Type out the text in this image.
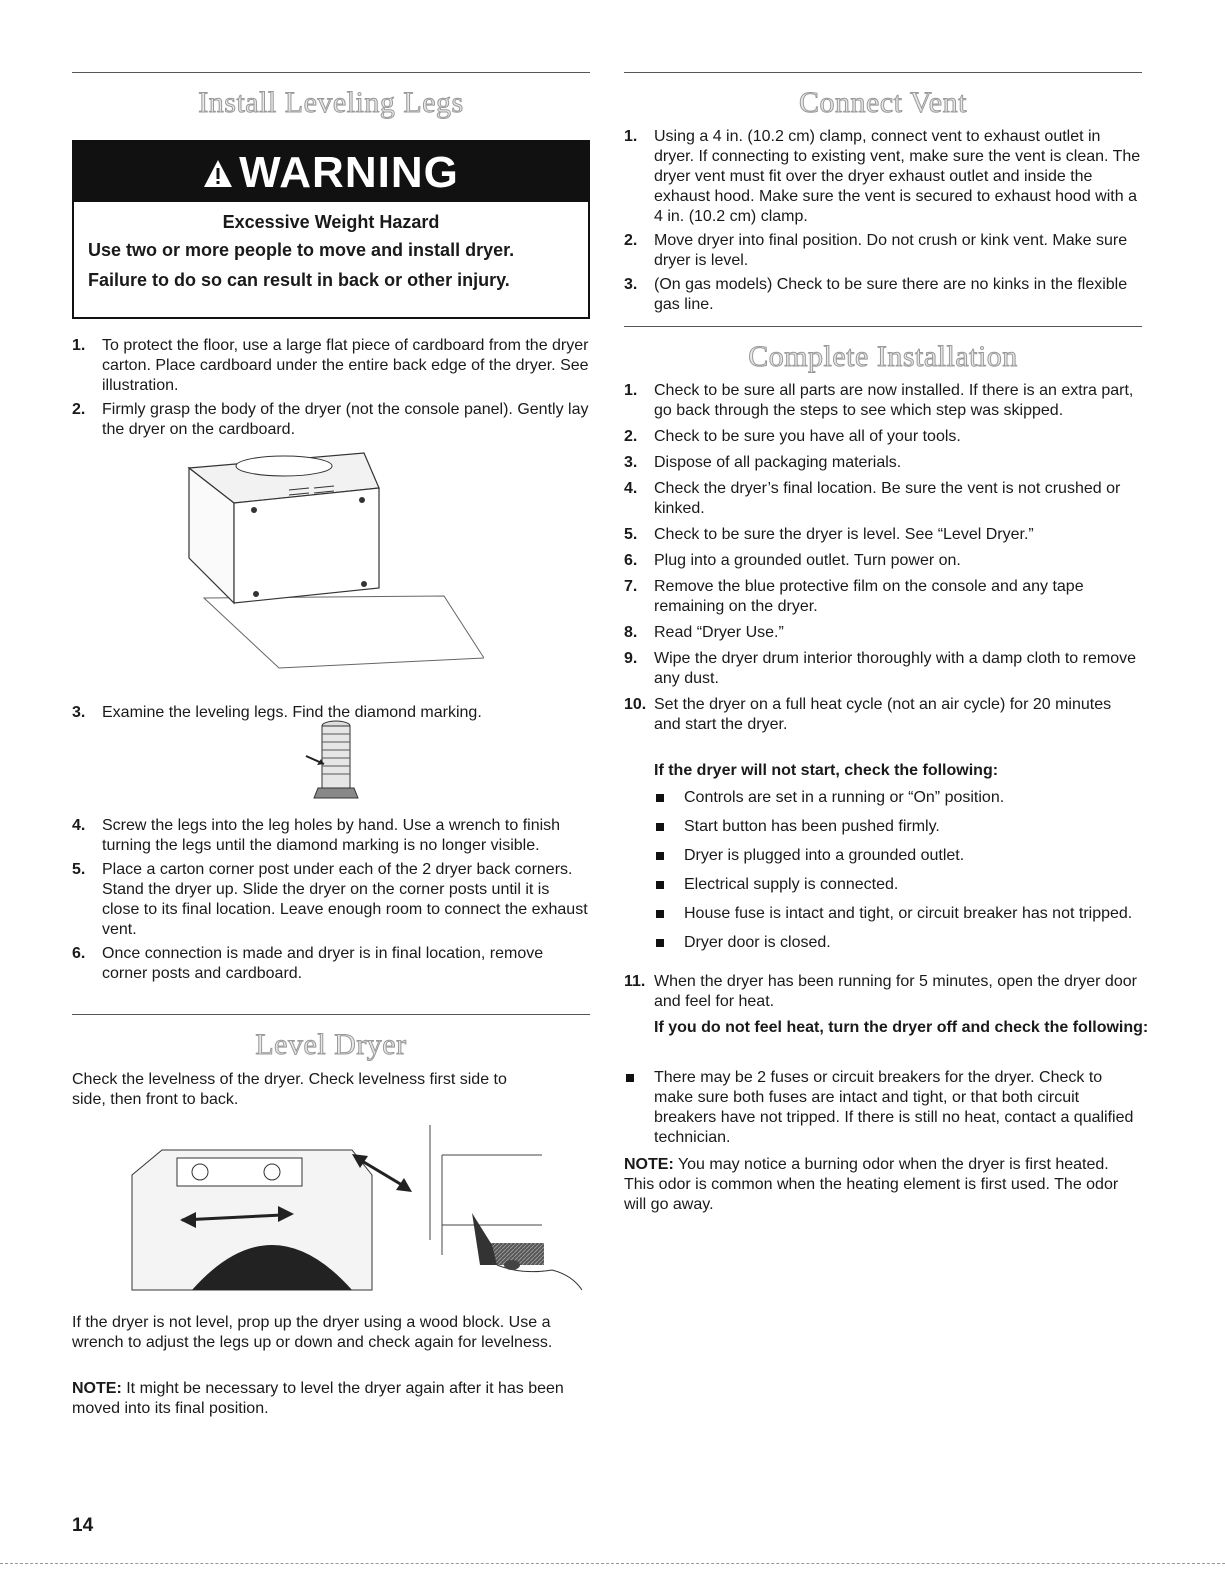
Install Leveling Legs
WARNING
Excessive Weight Hazard
Use two or more people to move and install dryer.
Failure to do so can result in back or other injury.
1. To protect the floor, use a large flat piece of cardboard from the dryer carton. Place cardboard under the entire back edge of the dryer. See illustration.
2. Firmly grasp the body of the dryer (not the console panel). Gently lay the dryer on the cardboard.
3. Examine the leveling legs. Find the diamond marking.
4. Screw the legs into the leg holes by hand. Use a wrench to finish turning the legs until the diamond marking is no longer visible.
5. Place a carton corner post under each of the 2 dryer back corners. Stand the dryer up. Slide the dryer on the corner posts until it is close to its final location. Leave enough room to connect the exhaust vent.
6. Once connection is made and dryer is in final location, remove corner posts and cardboard.
Level Dryer

Check the levelness of the dryer. Check levelness first side to side, then front to back.

If the dryer is not level, prop up the dryer using a wood block. Use a wrench to adjust the legs up or down and check again for levelness.

NOTE: It might be necessary to level the dryer again after it has been moved into its final position.

Connect Vent
1. Using a 4 in. (10.2 cm) clamp, connect vent to exhaust outlet in dryer. If connecting to existing vent, make sure the vent is clean. The dryer vent must fit over the dryer exhaust outlet and inside the exhaust hood. Make sure the vent is secured to exhaust hood with a 4 in. (10.2 cm) clamp.
2. Move dryer into final position. Do not crush or kink vent. Make sure dryer is level.
3. (On gas models) Check to be sure there are no kinks in the flexible gas line.
Complete Installation
1. Check to be sure all parts are now installed. If there is an extra part, go back through the steps to see which step was skipped.
2. Check to be sure you have all of your tools.
3. Dispose of all packaging materials.
4. Check the dryer’s final location. Be sure the vent is not crushed or kinked.
5. Check to be sure the dryer is level. See “Level Dryer.”
6. Plug into a grounded outlet. Turn power on.
7. Remove the blue protective film on the console and any tape remaining on the dryer.
8. Read “Dryer Use.”
9. Wipe the dryer drum interior thoroughly with a damp cloth to remove any dust.
10. Set the dryer on a full heat cycle (not an air cycle) for 20 minutes and start the dryer.
If the dryer will not start, check the following:
Controls are set in a running or “On” position.
Start button has been pushed firmly.
Dryer is plugged into a grounded outlet.
Electrical supply is connected.
House fuse is intact and tight, or circuit breaker has not tripped.
Dryer door is closed.
11. When the dryer has been running for 5 minutes, open the dryer door and feel for heat.
If you do not feel heat, turn the dryer off and check the following:
There may be 2 fuses or circuit breakers for the dryer. Check to make sure both fuses are intact and tight, or that both circuit breakers have not tripped. If there is still no heat, contact a qualified technician.

NOTE: You may notice a burning odor when the dryer is first heated. This odor is common when the heating element is first used. The odor will go away.

14
